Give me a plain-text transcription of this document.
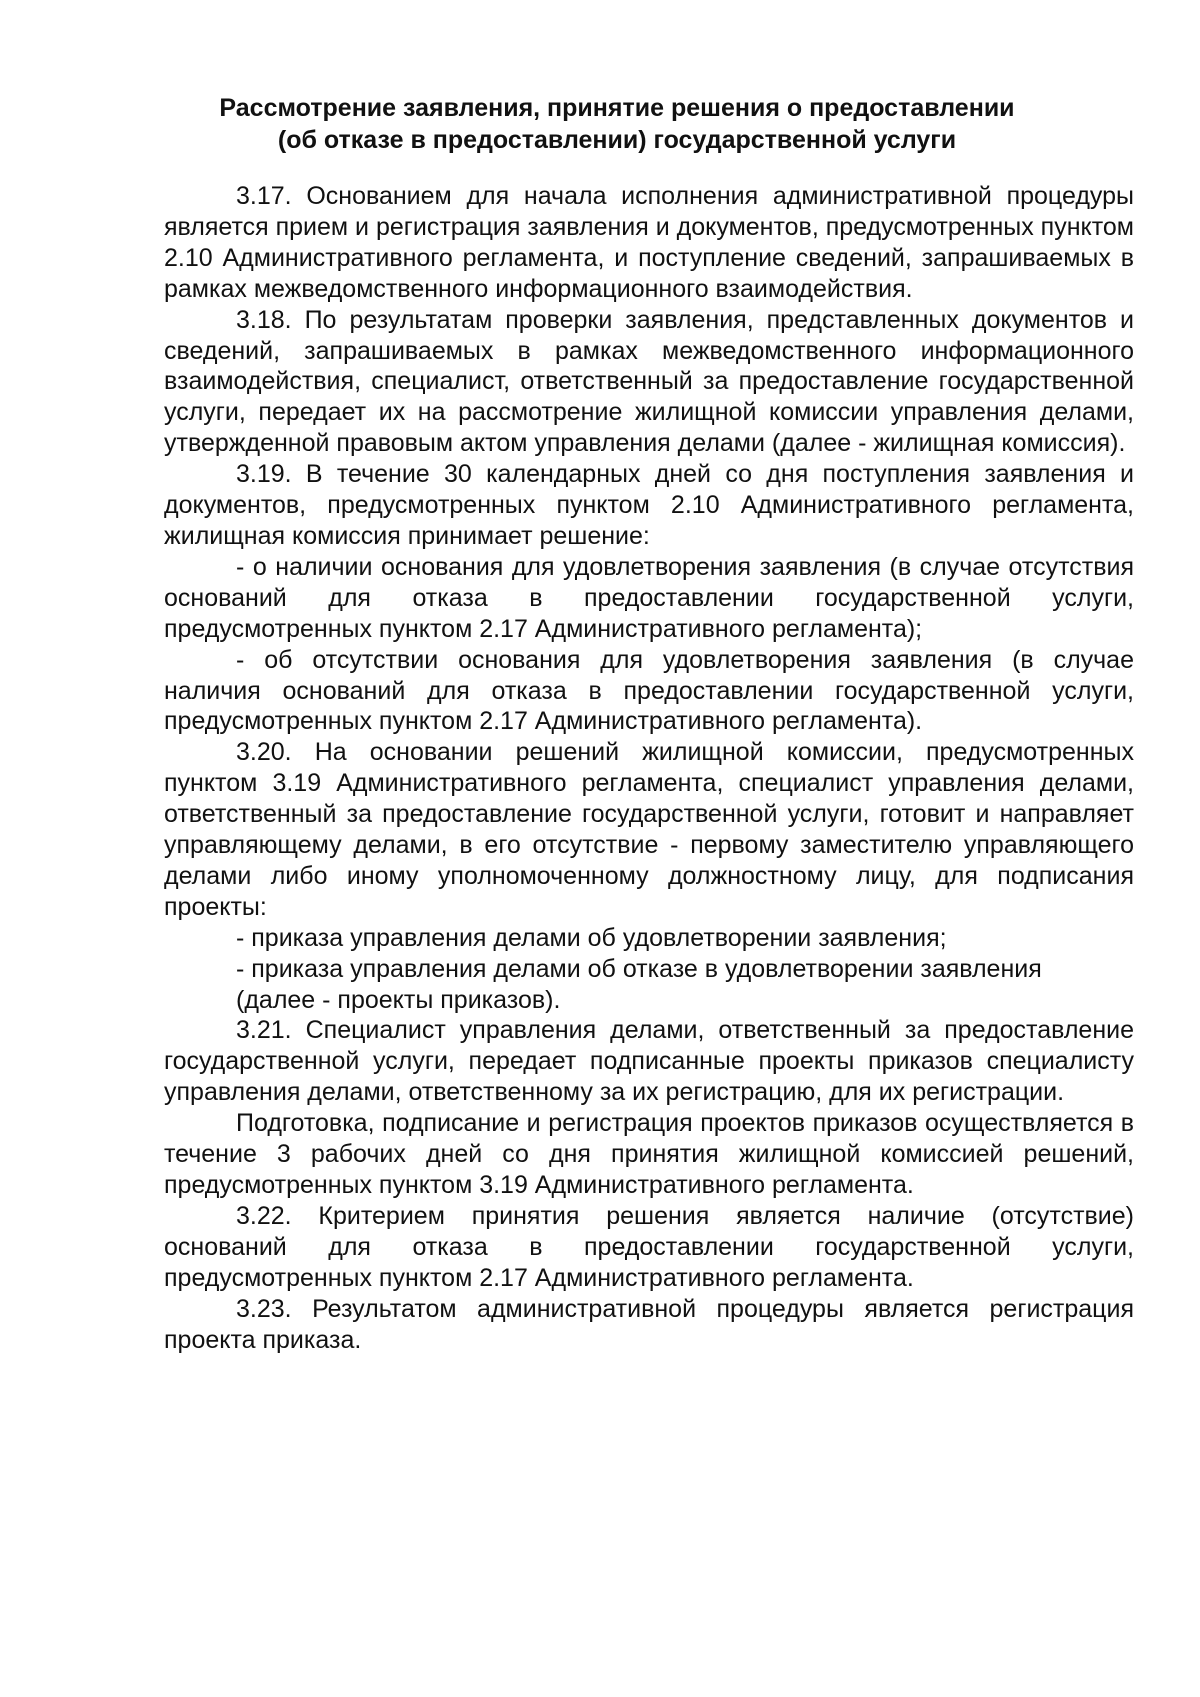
Рассмотрение заявления, принятие решения о предоставлении
(об отказе в предоставлении) государственной услуги

3.17. Основанием для начала исполнения административной процедуры является прием и регистрация заявления и документов, предусмотренных пунктом 2.10 Административного регламента, и поступление сведений, запрашиваемых в рамках межведомственного информационного взаимодействия.

3.18. По результатам проверки заявления, представленных документов и сведений, запрашиваемых в рамках межведомственного информационного взаимодействия, специалист, ответственный за предоставление государственной услуги, передает их на рассмотрение жилищной комиссии управления делами, утвержденной правовым актом управления делами (далее - жилищная комиссия).

3.19. В течение 30 календарных дней со дня поступления заявления и документов, предусмотренных пунктом 2.10 Административного регламента, жилищная комиссия принимает решение:

- о наличии основания для удовлетворения заявления (в случае отсутствия оснований для отказа в предоставлении государственной услуги, предусмотренных пунктом 2.17 Административного регламента);

- об отсутствии основания для удовлетворения заявления (в случае наличия оснований для отказа в предоставлении государственной услуги, предусмотренных пунктом 2.17 Административного регламента).

3.20. На основании решений жилищной комиссии, предусмотренных пунктом 3.19 Административного регламента, специалист управления делами, ответственный за предоставление государственной услуги, готовит и направляет управляющему делами, в его отсутствие - первому заместителю управляющего делами либо иному уполномоченному должностному лицу, для подписания проекты:

- приказа управления делами об удовлетворении заявления;

- приказа управления делами об отказе в удовлетворении заявления

(далее - проекты приказов).

3.21. Специалист управления делами, ответственный за предоставление государственной услуги, передает подписанные проекты приказов специалисту управления делами, ответственному за их регистрацию, для их регистрации.

Подготовка, подписание и регистрация проектов приказов осуществляется в течение 3 рабочих дней со дня принятия жилищной комиссией решений, предусмотренных пунктом 3.19 Административного регламента.

3.22. Критерием принятия решения является наличие (отсутствие) оснований для отказа в предоставлении государственной услуги, предусмотренных пунктом 2.17 Административного регламента.

3.23. Результатом административной процедуры является регистрация проекта приказа.
